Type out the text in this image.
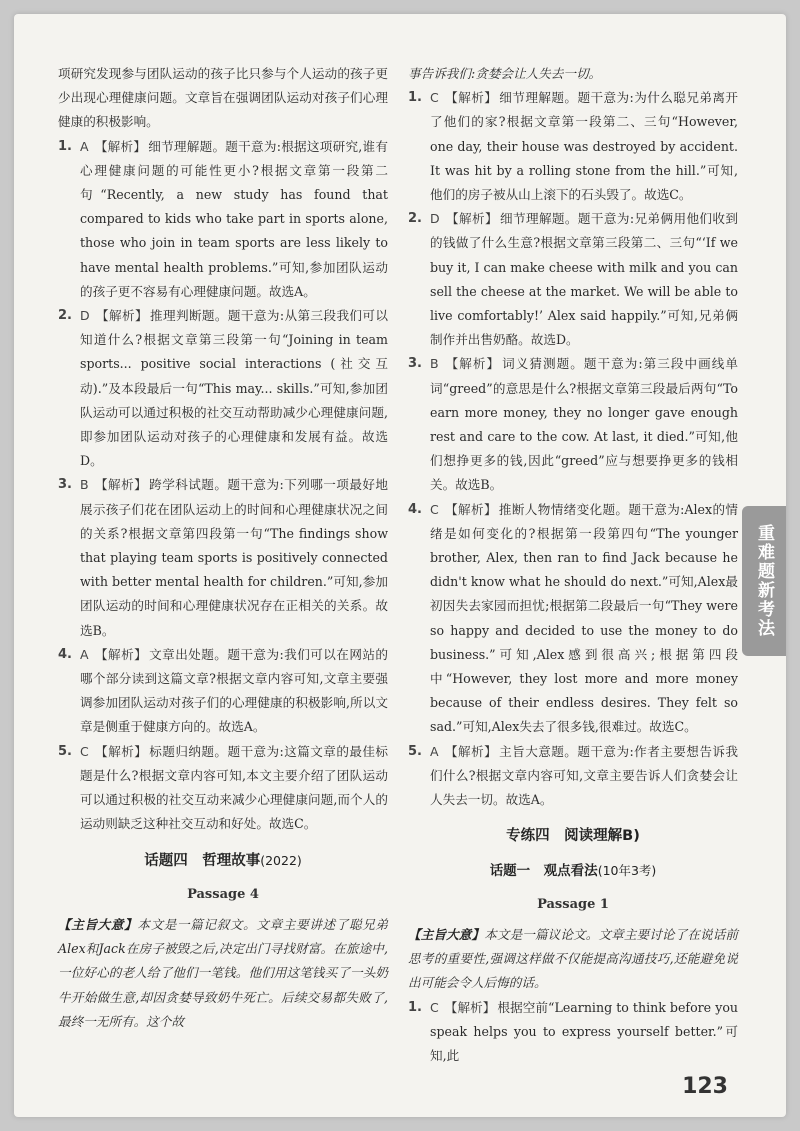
项研究发现参与团队运动的孩子比只参与个人运动的孩子更少出现心理健康问题。文章旨在强调团队运动对孩子们心理健康的积极影响。
1. A 【解析】 细节理解题。题干意为:根据这项研究,谁有心理健康问题的可能性更小?根据文章第一段第二句“Recently, a new study has found that compared to kids who take part in sports alone, those who join in team sports are less likely to have mental health problems.”可知,参加团队运动的孩子更不容易有心理健康问题。故选A。
2. D 【解析】 推理判断题。题干意为:从第三段我们可以知道什么?根据文章第三段第一句“Joining in team sports... positive social interactions (社交互动).”及本段最后一句“This may... skills.”可知,参加团队运动可以通过积极的社交互动帮助减少心理健康问题,即参加团队运动对孩子的心理健康和发展有益。故选D。
3. B 【解析】 跨学科试题。题干意为:下列哪一项最好地展示孩子们花在团队运动上的时间和心理健康状况之间的关系?根据文章第四段第一句“The findings show that playing team sports is positively connected with better mental health for children.”可知,参加团队运动的时间和心理健康状况存在正相关的关系。故选B。
4. A 【解析】 文章出处题。题干意为:我们可以在网站的哪个部分读到这篇文章?根据文章内容可知,文章主要强调参加团队运动对孩子们的心理健康的积极影响,所以文章是侧重于健康方向的。故选A。
5. C 【解析】 标题归纳题。题干意为:这篇文章的最佳标题是什么?根据文章内容可知,本文主要介绍了团队运动可以通过积极的社交互动来减少心理健康问题,而个人的运动则缺乏这种社交互动和好处。故选C。
话题四　哲理故事(2022)
Passage 4
【主旨大意】本文是一篇记叙文。文章主要讲述了聪兄弟Alex和Jack在房子被毁之后,决定出门寻找财富。在旅途中,一位好心的老人给了他们一笔钱。他们用这笔钱买了一头奶牛开始做生意,却因贪婪导致奶牛死亡。后续交易都失败了,最终一无所有。这个故
事告诉我们:贪婪会让人失去一切。
1. C 【解析】 细节理解题。题干意为:为什么聪兄弟离开了他们的家?根据文章第一段第二、三句“However, one day, their house was destroyed by accident. It was hit by a rolling stone from the hill.”可知,他们的房子被从山上滚下的石头毁了。故选C。
2. D 【解析】 细节理解题。题干意为:兄弟俩用他们收到的钱做了什么生意?根据文章第三段第二、三句“‘If we buy it, I can make cheese with milk and you can sell the cheese at the market. We will be able to live comfortably!’ Alex said happily.”可知,兄弟俩制作并出售奶酪。故选D。
3. B 【解析】 词义猜测题。题干意为:第三段中画线单词“greed”的意思是什么?根据文章第三段最后两句“To earn more money, they no longer gave enough rest and care to the cow. At last, it died.”可知,他们想挣更多的钱,因此“greed”应与想要挣更多的钱相关。故选B。
4. C 【解析】 推断人物情绪变化题。题干意为:Alex的情绪是如何变化的?根据第一段第四句“The younger brother, Alex, then ran to find Jack because he didn't know what he should do next.”可知,Alex最初因失去家园而担忧;根据第二段最后一句“They were so happy and decided to use the money to do business.”可知,Alex感到很高兴;根据第四段中“However, they lost more and more money because of their endless desires. They felt so sad.”可知,Alex失去了很多钱,很难过。故选C。
5. A 【解析】 主旨大意题。题干意为:作者主要想告诉我们什么?根据文章内容可知,文章主要告诉人们贪婪会让人失去一切。故选A。
专练四　阅读理解B)
话题一　观点看法(10年3考)
Passage 1
【主旨大意】本文是一篇议论文。文章主要讨论了在说话前思考的重要性,强调这样做不仅能提高沟通技巧,还能避免说出可能会令人后悔的话。
1. C 【解析】 根据空前“Learning to think before you speak helps you to express yourself better.”可知,此
重难题新考法
123
